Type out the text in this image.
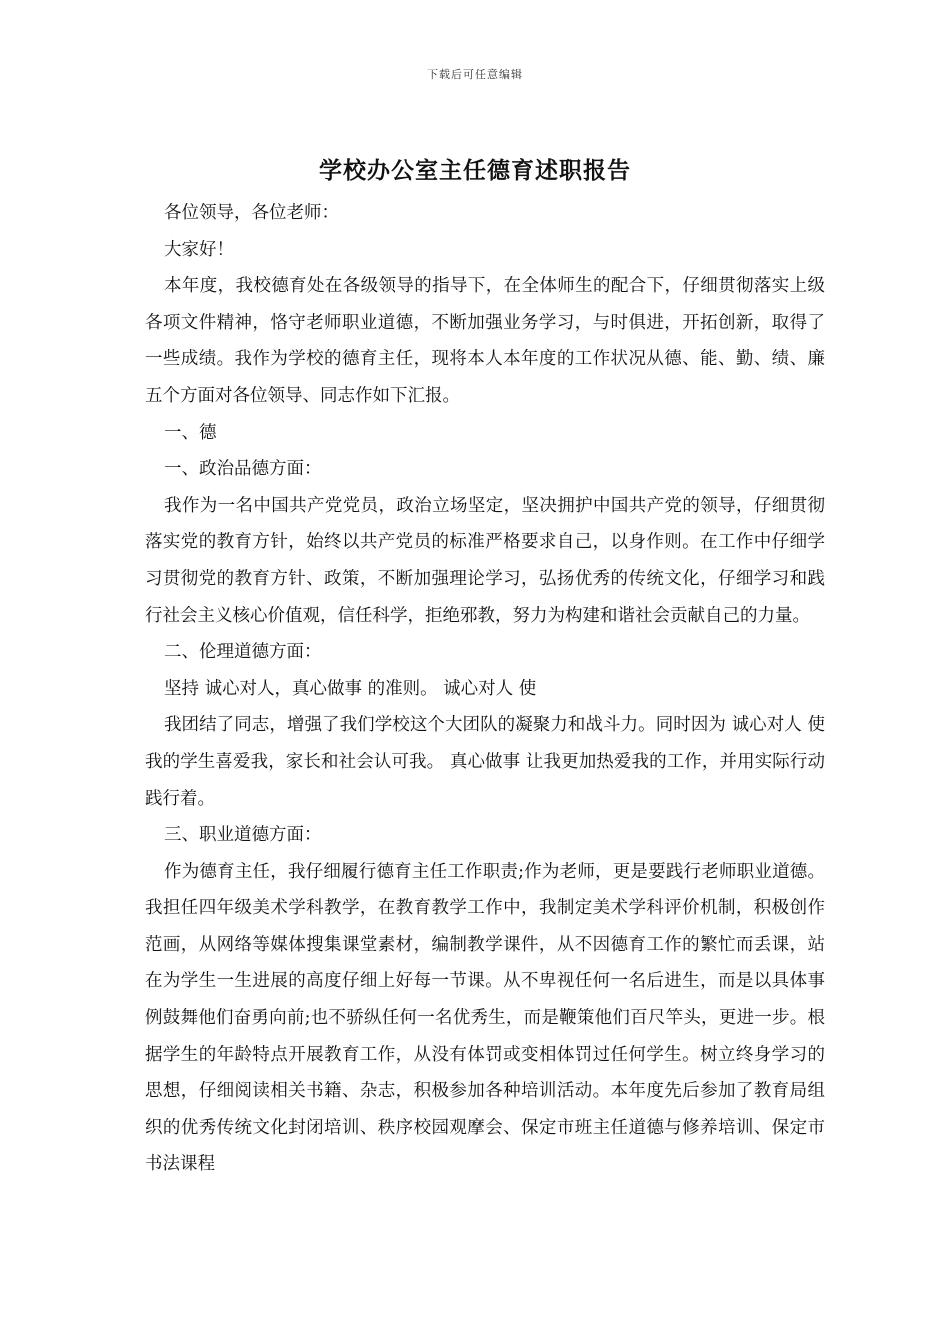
下载后可任意编辑
学校办公室主任德育述职报告

各位领导，各位老师：

大家好！

本年度，我校德育处在各级领导的指导下，在全体师生的配合下，仔细贯彻落实上级各项文件精神，恪守老师职业道德，不断加强业务学习，与时俱进，开拓创新，取得了一些成绩。我作为学校的德育主任，现将本人本年度的工作状况从德、能、勤、绩、廉五个方面对各位领导、同志作如下汇报。

一、德

一、政治品德方面：

我作为一名中国共产党党员，政治立场坚定，坚决拥护中国共产党的领导，仔细贯彻落实党的教育方针，始终以共产党员的标准严格要求自己，以身作则。在工作中仔细学习贯彻党的教育方针、政策，不断加强理论学习，弘扬优秀的传统文化，仔细学习和践行社会主义核心价值观，信任科学，拒绝邪教，努力为构建和谐社会贡献自己的力量。

二、伦理道德方面：

坚持 诚心对人，真心做事 的准则。 诚心对人 使

我团结了同志，增强了我们学校这个大团队的凝聚力和战斗力。同时因为 诚心对人 使我的学生喜爱我，家长和社会认可我。 真心做事 让我更加热爱我的工作，并用实际行动践行着。

三、职业道德方面：

作为德育主任，我仔细履行德育主任工作职责;作为老师，更是要践行老师职业道德。我担任四年级美术学科教学，在教育教学工作中，我制定美术学科评价机制，积极创作范画，从网络等媒体搜集课堂素材，编制教学课件，从不因德育工作的繁忙而丢课，站在为学生一生进展的高度仔细上好每一节课。从不卑视任何一名后进生，而是以具体事例鼓舞他们奋勇向前;也不骄纵任何一名优秀生，而是鞭策他们百尺竿头，更进一步。根据学生的年龄特点开展教育工作，从没有体罚或变相体罚过任何学生。树立终身学习的思想，仔细阅读相关书籍、杂志，积极参加各种培训活动。本年度先后参加了教育局组织的优秀传统文化封闭培训、秩序校园观摩会、保定市班主任道德与修养培训、保定市书法课程
